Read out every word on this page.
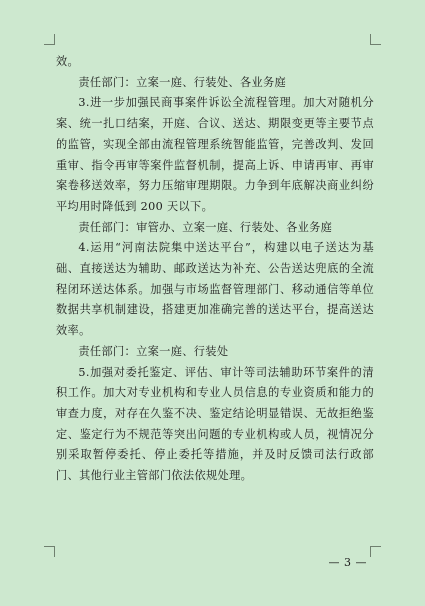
效。

责任部门：立案一庭、行装处、各业务庭

3.进一步加强民商事案件诉讼全流程管理。加大对随机分案、统一扎口结案，开庭、合议、送达、期限变更等主要节点的监管，实现全部由流程管理系统智能监管，完善改判、发回重审、指令再审等案件监督机制，提高上诉、申请再审、再审案卷移送效率，努力压缩审理期限。力争到年底解决商业纠纷平均用时降低到 200 天以下。

责任部门：审管办、立案一庭、行装处、各业务庭

4.运用“河南法院集中送达平台”，构建以电子送达为基础、直接送达为辅助、邮政送达为补充、公告送达兜底的全流程闭环送达体系。加强与市场监督管理部门、移动通信等单位数据共享机制建设，搭建更加准确完善的送达平台，提高送达效率。

责任部门：立案一庭、行装处

5.加强对委托鉴定、评估、审计等司法辅助环节案件的清积工作。加大对专业机构和专业人员信息的专业资质和能力的审查力度，对存在久鉴不决、鉴定结论明显错误、无故拒绝鉴定、鉴定行为不规范等突出问题的专业机构或人员，视情况分别采取暂停委托、停止委托等措施，并及时反馈司法行政部门、其他行业主管部门依法依规处理。

— 3 —
